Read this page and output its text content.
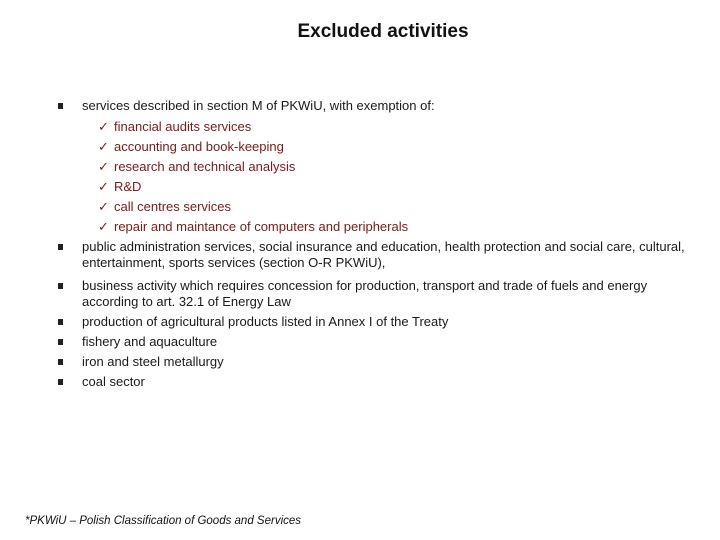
Excluded activities
services described in section M of PKWiU, with exemption of:
✓ financial audits services
✓ accounting and book-keeping
✓ research and technical analysis
✓ R&D
✓ call centres services
✓ repair and maintance of computers and peripherals
public administration services, social insurance and education, health protection and social care, cultural, entertainment, sports services (section O-R PKWiU),
business activity which requires concession for production, transport and trade of fuels and energy according to art. 32.1 of Energy Law
production of agricultural products listed in Annex I of the Treaty
fishery and aquaculture
iron and steel metallurgy
coal sector
*PKWiU – Polish Classification of Goods and Services
